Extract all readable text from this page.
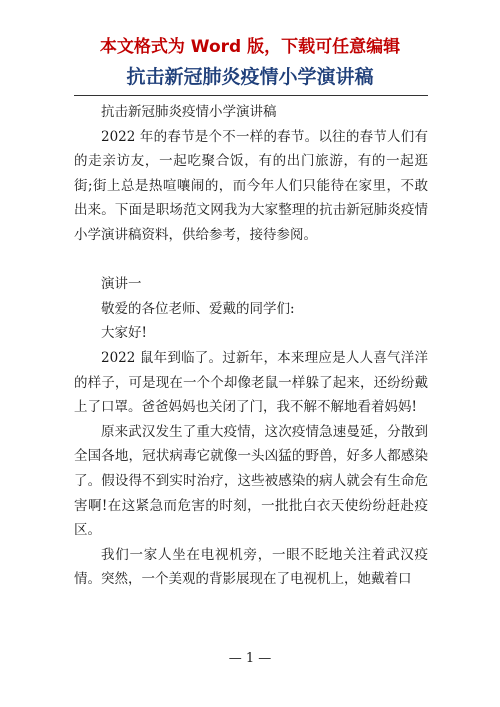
本文格式为 Word 版，下载可任意编辑
抗击新冠肺炎疫情小学演讲稿

抗击新冠肺炎疫情小学演讲稿

2022 年的春节是个不一样的春节。以往的春节人们有的走亲访友，一起吃聚合饭，有的出门旅游，有的一起逛街;街上总是热喧嚷闹的，而今年人们只能待在家里，不敢出来。下面是职场范文网我为大家整理的抗击新冠肺炎疫情小学演讲稿资料，供给参考，接待参阅。

演讲一

敬爱的各位老师、爱戴的同学们:

大家好!

2022 鼠年到临了。过新年，本来理应是人人喜气洋洋的样子，可是现在一个个却像老鼠一样躲了起来，还纷纷戴上了口罩。爸爸妈妈也关闭了门，我不解不解地看着妈妈!

原来武汉发生了重大疫情，这次疫情急速曼延，分散到全国各地，冠状病毒它就像一头凶猛的野兽，好多人都感染了。假设得不到实时治疗，这些被感染的病人就会有生命危害啊!在这紧急而危害的时刻，一批批白衣天使纷纷赶赴疫区。

我们一家人坐在电视机旁，一眼不眨地关注着武汉疫情。突然，一个美观的背影展现在了电视机上，她戴着口

— 1 —
